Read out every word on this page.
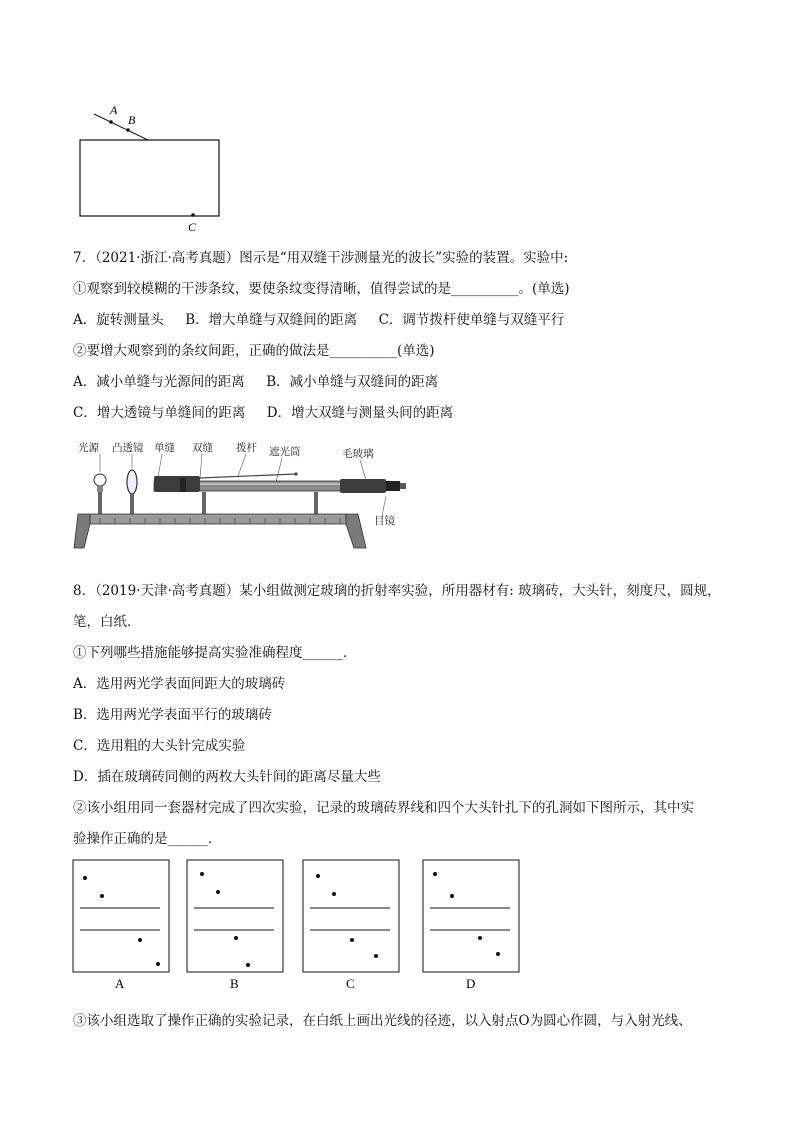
A
B
C
7．（2021·浙江·高考真题）图示是“用双缝干涉测量光的波长”实验的装置。实验中:
①观察到较模糊的干涉条纹，要使条纹变得清晰，值得尝试的是__________。(单选)
A．旋转测量头     B．增大单缝与双缝间的距离     C．调节拨杆使单缝与双缝平行
②要增大观察到的条纹间距，正确的做法是__________(单选)
A．减小单缝与光源间的距离     B．减小单缝与双缝间的距离
C．增大透镜与单缝间的距离     D．增大双缝与测量头间的距离
光源 凸透镜 单缝 双缝 拨杆 遮光筒	毛玻璃
目镜
8．（2019·天津·高考真题）某小组做测定玻璃的折射率实验，所用器材有: 玻璃砖，大头针，刻度尺，圆规，
笔，白纸．
①下列哪些措施能够提高实验准确程度______．
A．选用两光学表面间距大的玻璃砖
B．选用两光学表面平行的玻璃砖
C．选用粗的大头针完成实验
D．插在玻璃砖同侧的两枚大头针间的距离尽量大些
②该小组用同一套器材完成了四次实验，记录的玻璃砖界线和四个大头针扎下的孔洞如下图所示，其中实
验操作正确的是______．
A	B	C	D
③该小组选取了操作正确的实验记录，在白纸上画出光线的径迹，以入射点O为圆心作圆，与入射光线、
